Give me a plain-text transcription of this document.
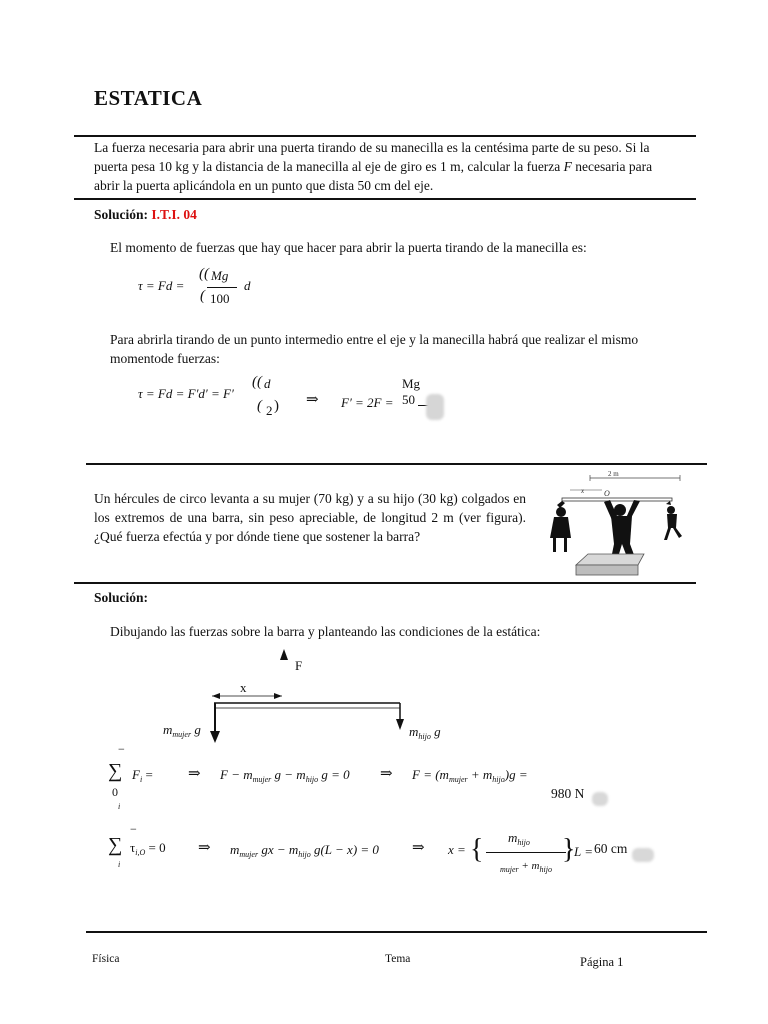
ESTATICA
La fuerza necesaria para abrir una puerta tirando de su manecilla es la centésima parte de su peso. Si la puerta pesa 10 kg y la distancia de la manecilla al eje de giro es 1 m, calcular la fuerza F necesaria para abrir la puerta aplicándola en un punto que dista 50 cm del eje.
Solución: I.T.I. 04
El momento de fuerzas que hay que hacer para abrir la puerta tirando de la manecilla es:
τ = Fd =
(( Mg
( 100
d
Para abrirla tirando de un punto intermedio entre el eje y la manecilla habrá que realizar el mismo momentode fuerzas:
τ = Fd = F′d′ = F′
(( d
( 2 ) ⇒ F′ = 2F =
Mg
50
Un hércules de circo levanta a su mujer (70 kg) y a su hijo (30 kg) colgados en los extremos de una barra, sin peso apreciable, de longitud 2 m (ver figura). ¿Qué fuerza efectúa y por dónde tiene que sostener la barra?
2 m
x O
Solución:
Dibujando las fuerzas sobre la barra y planteando las condiciones de la estática:
F
x
$m_{mujer}$ g	$m_{hijo}$ g
−
∑
0
i
$F_i$ = ⇒ $F - m_{mujer}$ $g - m_{hijo}$ g = 0 ⇒ $F = (m_{mujer} + m_{hijo})g$ =
980 N
−
∑
i
$\tau_{i,O} = 0$ ⇒ $m_{mujer}$ gx − $m_{hijo}$ g(L − x) = 0 ⇒ x = { $m_{hijo}$
$_{mujer} + m_{hijo}$
}
L = 60 cm
Física	Tema	Página 1
